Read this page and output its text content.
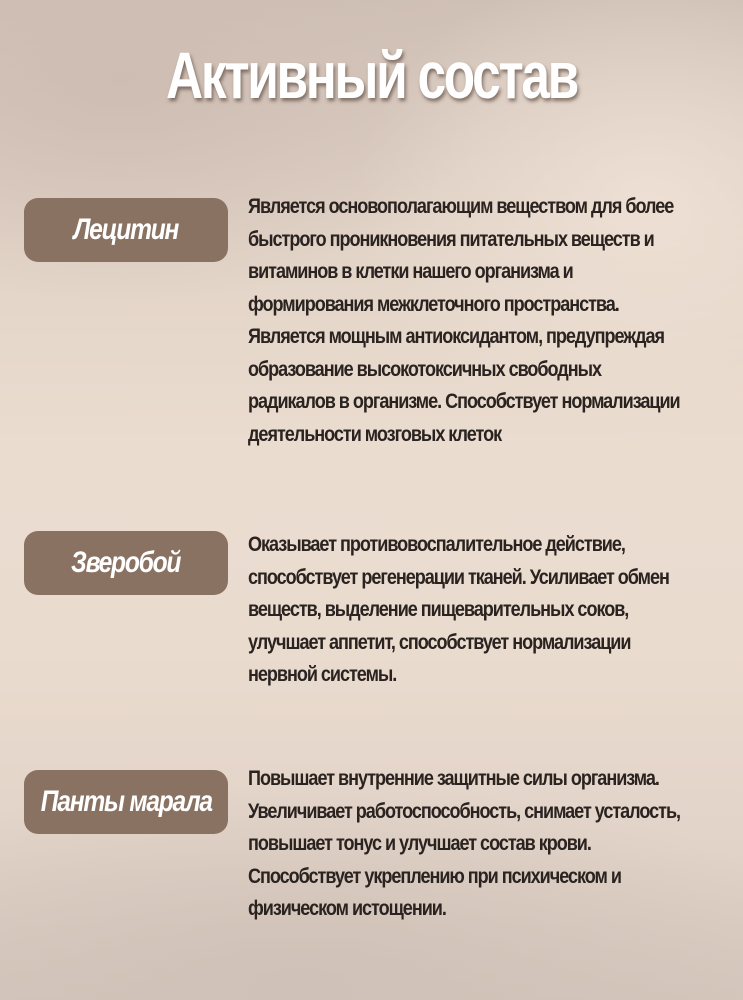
Активный состав
Лецитин
Является основополагающим веществом для более
быстрого проникновения питательных веществ и
витаминов в клетки нашего организма и
формирования межклеточного пространства.
Является мощным антиоксидантом, предупреждая
образование высокотоксичных свободных
радикалов в организме. Способствует нормализации
деятельности мозговых клеток
Зверобой
Оказывает противовоспалительное действие,
способствует регенерации тканей. Усиливает обмен
веществ, выделение пищеварительных соков,
улучшает аппетит, способствует нормализации
нервной системы.
Панты марала
Повышает внутренние защитные силы организма.
Увеличивает работоспособность, снимает усталость,
повышает тонус и улучшает состав крови.
Способствует укреплению при психическом и
физическом истощении.
